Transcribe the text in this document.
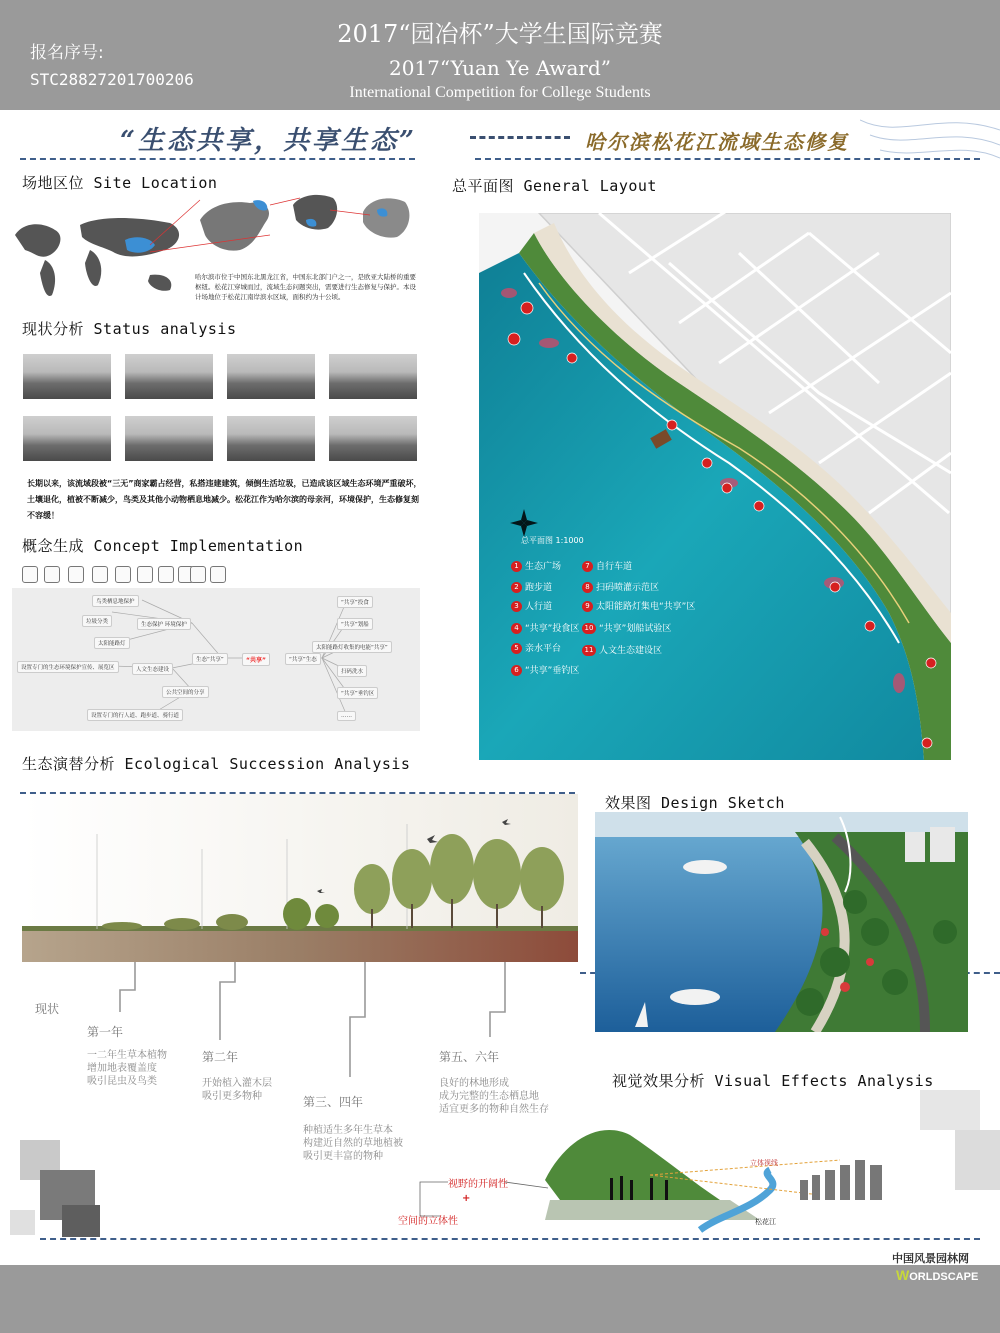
报名序号:
STC28827201700206
2017“园冶杯”大学生国际竞赛
2017“Yuan Ye Award”
International Competition for College Students
“生态共享，共享生态”	哈尔滨松花江流域生态修复
场地区位 Site Location
哈尔滨市位于中国东北黑龙江省，中国东北部门户之一，是欧亚大陆桥的重要枢纽。松花江穿城而过，流域生态问题突出，需要进行生态修复与保护。本设计场地位于松花江南岸滨水区域，面积约为十公顷。
现状分析 Status analysis
长期以来，该流域段被“三无”商家霸占经营，私搭违建建筑，倾倒生活垃圾，已造成该区域生态环境严重破坏，土壤退化，植被不断减少，鸟类及其他小动物栖息地减少。松花江作为哈尔滨的母亲河，环境保护，生态修复刻不容缓！
概念生成 Concept Implementation
鸟类栖息地保护
垃圾分类
太阳能路灯
生态保护 环境保护
设置专门的生态环境保护宣传、展览区
生态“共享”
人文生态建设
公共空间的分享
设置专门的行人道、跑步道、骑行道
“共享”
“共享”投食
“共享”划船
太阳能路灯收集的电能“共享”
“共享”生态
扫码洗水
“共享”垂钓区
……
总平面图 General Layout
总平面图 1:1000
1 生态广场
2 跑步道
3 人行道
4 “共享”投食区
5 亲水平台
6 “共享”垂钓区
7 自行车道
8 扫码喷灌示范区
9 太阳能路灯集电“共享”区
10 “共享”划船试验区
11 人文生态建设区
生态演替分析 Ecological Succession Analysis
现状
第一年
一二年生草本植物
增加地表覆盖度
吸引昆虫及鸟类
第二年
开始植入灌木层
吸引更多物种	第三、四年
种植适生多年生草本
构建近自然的草地植被
吸引更丰富的物种
第五、六年
良好的林地形成
成为完整的生态栖息地
适宜更多的物种自然生存
效果图 Design Sketch
视觉效果分析 Visual Effects Analysis
立体视线
松花江
视野的开阔性
+
空间的立体性
中国风景园林网
WORLDSCAPE
